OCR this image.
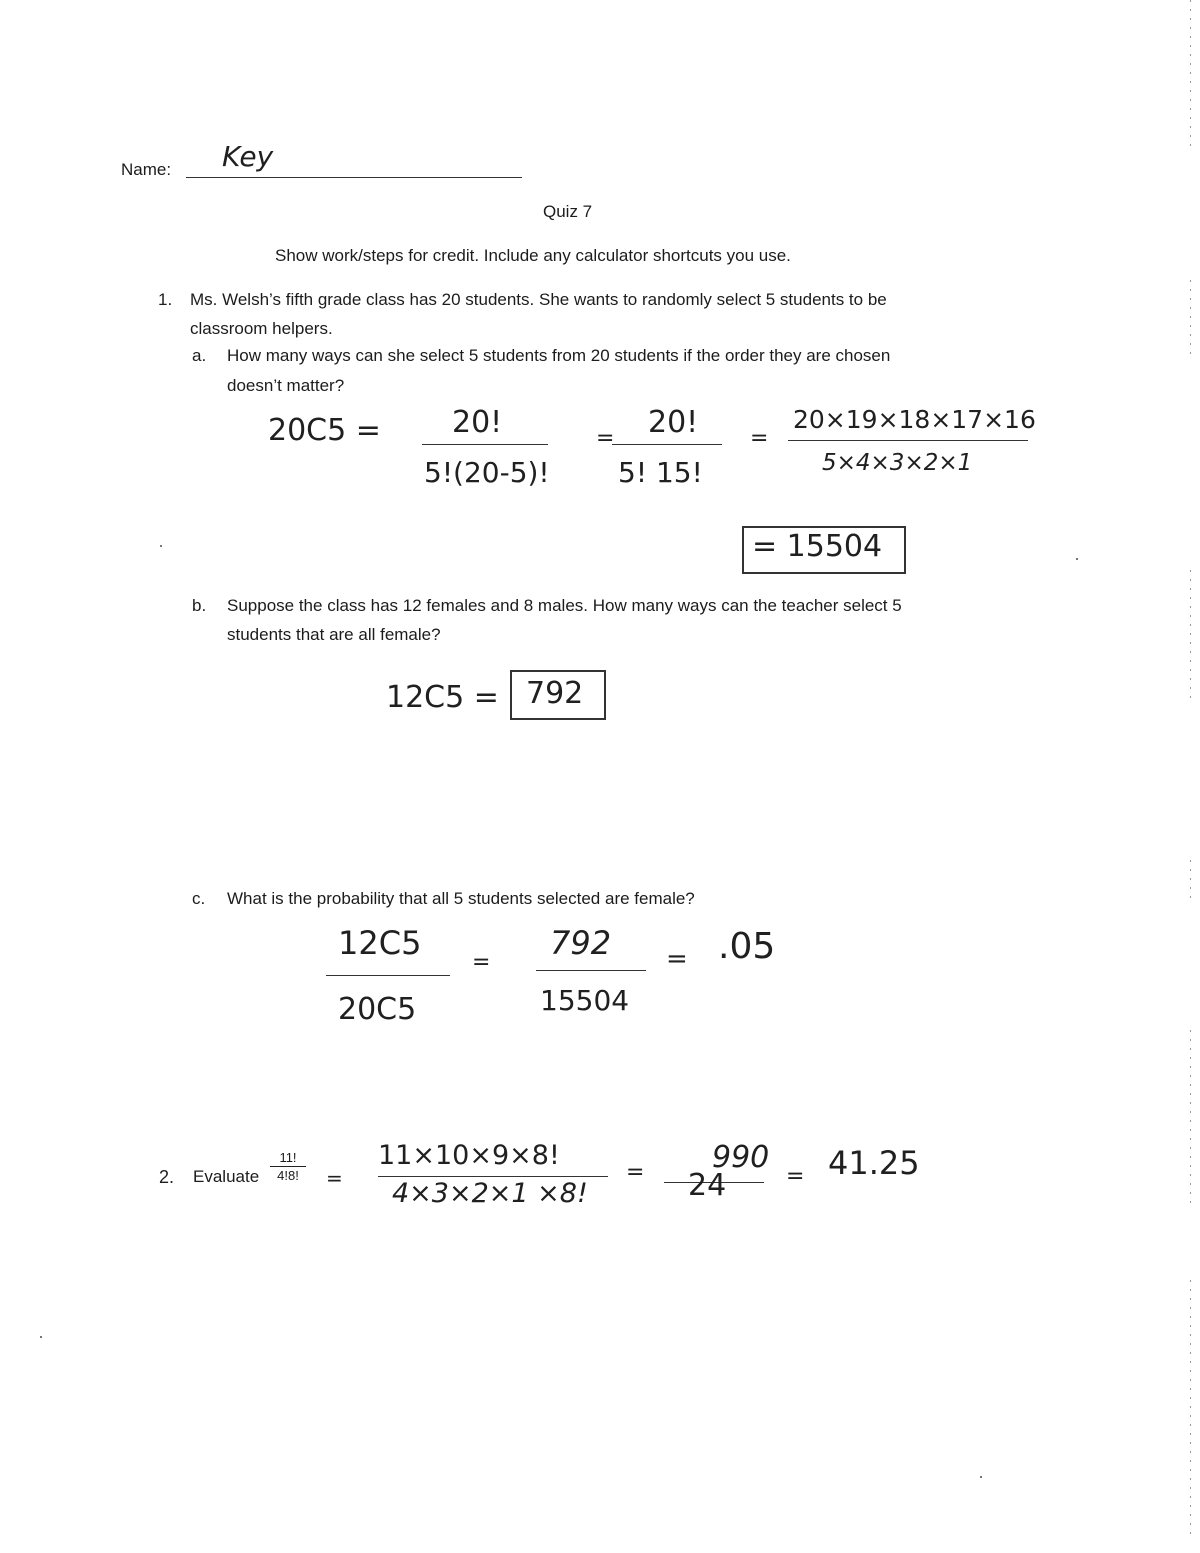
Name: Key
Quiz 7
Show work/steps for credit. Include any calculator shortcuts you use.
1. Ms. Welsh’s fifth grade class has 20 students. She wants to randomly select 5 students to be
classroom helpers.
a. How many ways can she select 5 students from 20 students if the order they are chosen
doesn’t matter?
20C5 = 20!
5!(20-5)!
= 20!
5! 15!
=
20×19×18×17×16
5×4×3×2×1
= 15504
b. Suppose the class has 12 females and 8 males. How many ways can the teacher select 5
students that are all female?
12C5 = 792
c. What is the probability that all 5 students selected are female?
12C5
20C5
=
792
15504
= .05
2. Evaluate
11!
4!8!	=
11×10×9×8!
4×3×2×1 ×8!
= 990
24	= 41.25
